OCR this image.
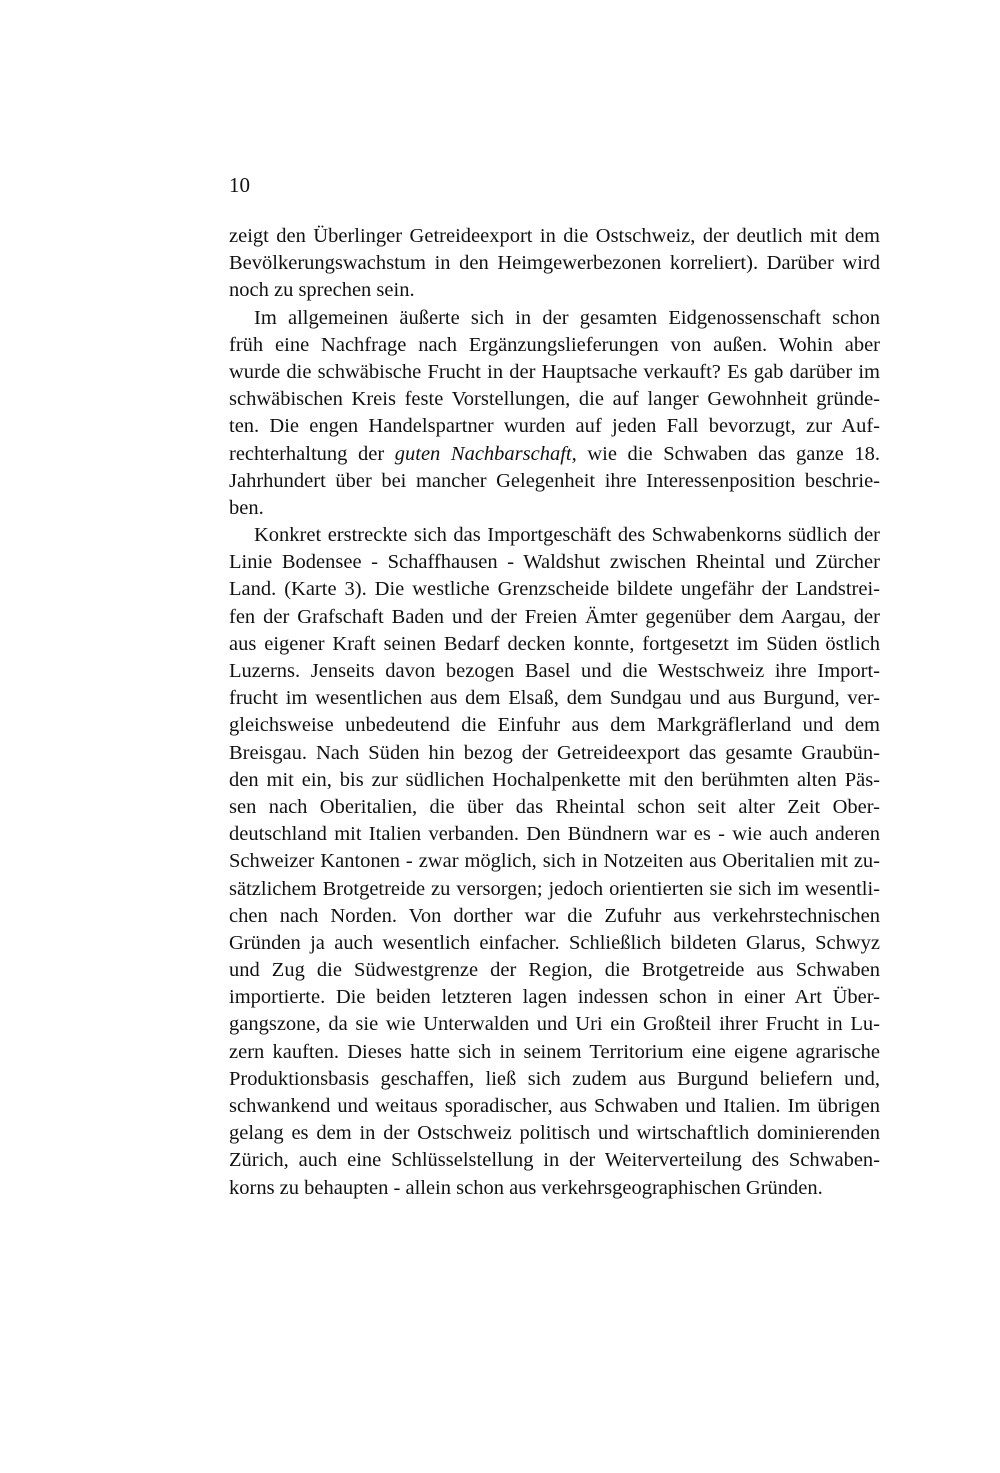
10
zeigt den Überlinger Getreideexport in die Ostschweiz, der deutlich mit dem
Bevölkerungswachstum in den Heimgewerbezonen korreliert). Darüber wird
noch zu sprechen sein.
Im allgemeinen äußerte sich in der gesamten Eidgenossenschaft schon
früh eine Nachfrage nach Ergänzungslieferungen von außen. Wohin aber
wurde die schwäbische Frucht in der Hauptsache verkauft? Es gab darüber im
schwäbischen Kreis feste Vorstellungen, die auf langer Gewohnheit gründe-
ten. Die engen Handelspartner wurden auf jeden Fall bevorzugt, zur Auf-
rechterhaltung der guten Nachbarschaft, wie die Schwaben das ganze 18.
Jahrhundert über bei mancher Gelegenheit ihre Interessenposition beschrie-
ben.
Konkret erstreckte sich das Importgeschäft des Schwabenkorns südlich der
Linie Bodensee - Schaffhausen - Waldshut zwischen Rheintal und Zürcher
Land. (Karte 3). Die westliche Grenzscheide bildete ungefähr der Landstrei-
fen der Grafschaft Baden und der Freien Ämter gegenüber dem Aargau, der
aus eigener Kraft seinen Bedarf decken konnte, fortgesetzt im Süden östlich
Luzerns. Jenseits davon bezogen Basel und die Westschweiz ihre Import-
frucht im wesentlichen aus dem Elsaß, dem Sundgau und aus Burgund, ver-
gleichsweise unbedeutend die Einfuhr aus dem Markgräflerland und dem
Breisgau. Nach Süden hin bezog der Getreideexport das gesamte Graubün-
den mit ein, bis zur südlichen Hochalpenkette mit den berühmten alten Päs-
sen nach Oberitalien, die über das Rheintal schon seit alter Zeit Ober-
deutschland mit Italien verbanden. Den Bündnern war es - wie auch anderen
Schweizer Kantonen - zwar möglich, sich in Notzeiten aus Oberitalien mit zu-
sätzlichem Brotgetreide zu versorgen; jedoch orientierten sie sich im wesentli-
chen nach Norden. Von dorther war die Zufuhr aus verkehrstechnischen
Gründen ja auch wesentlich einfacher. Schließlich bildeten Glarus, Schwyz
und Zug die Südwestgrenze der Region, die Brotgetreide aus Schwaben
importierte. Die beiden letzteren lagen indessen schon in einer Art Über-
gangszone, da sie wie Unterwalden und Uri ein Großteil ihrer Frucht in Lu-
zern kauften. Dieses hatte sich in seinem Territorium eine eigene agrarische
Produktionsbasis geschaffen, ließ sich zudem aus Burgund beliefern und,
schwankend und weitaus sporadischer, aus Schwaben und Italien. Im übrigen
gelang es dem in der Ostschweiz politisch und wirtschaftlich dominierenden
Zürich, auch eine Schlüsselstellung in der Weiterverteilung des Schwaben-
korns zu behaupten - allein schon aus verkehrsgeographischen Gründen.
